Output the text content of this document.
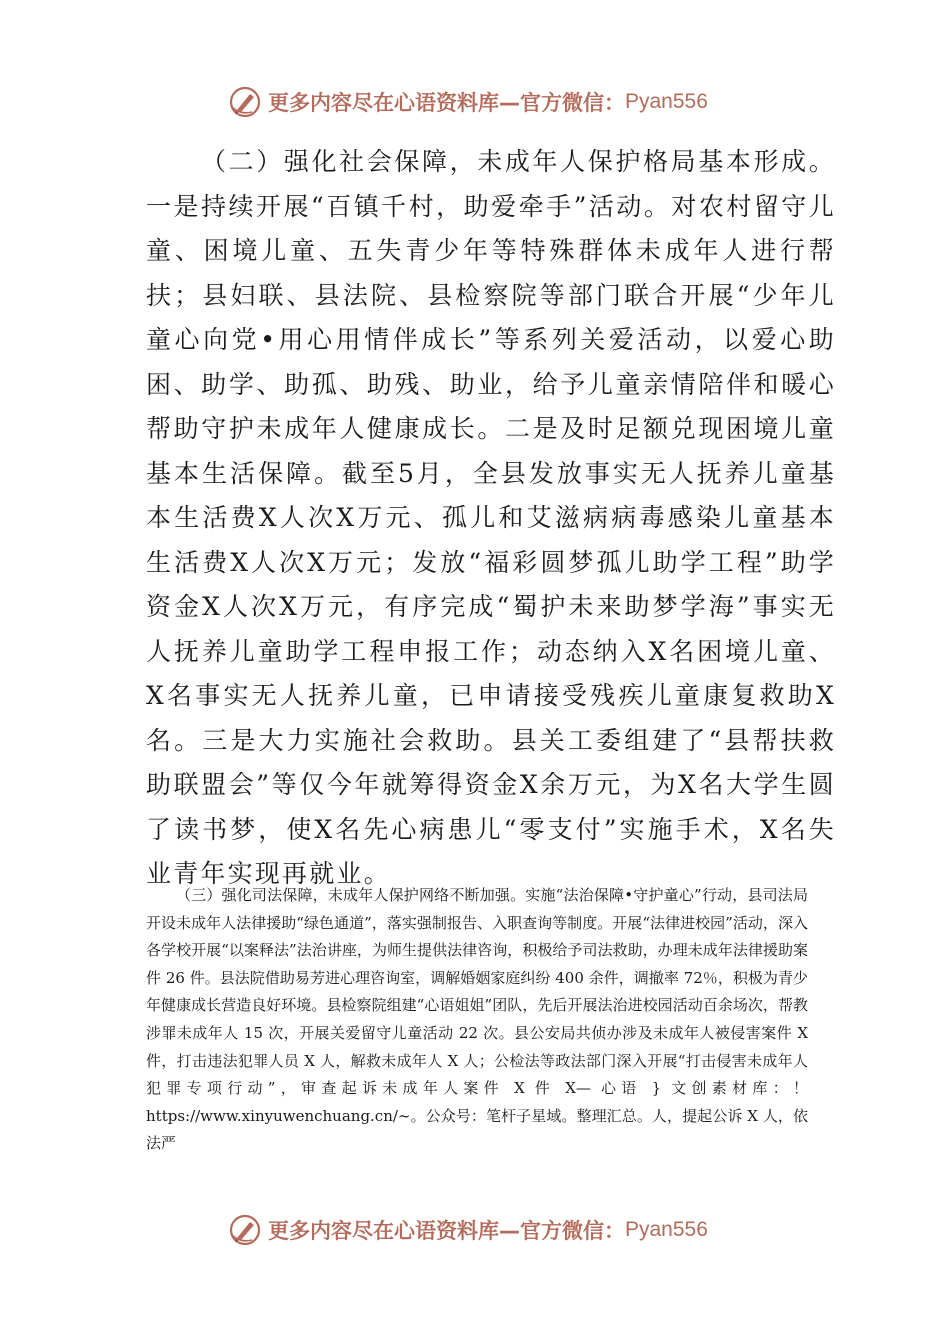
更多内容尽在心语资料库—官方微信： Pyan556

（二）强化社会保障，未成年人保护格局基本形成。一是持续开展“百镇千村，助爱牵手”活动。对农村留守儿童、困境儿童、五失青少年等特殊群体未成年人进行帮扶；县妇联、县法院、县检察院等部门联合开展“少年儿童心向党•用心用情伴成长”等系列关爱活动，以爱心助困、助学、助孤、助残、助业，给予儿童亲情陪伴和暖心帮助守护未成年人健康成长。二是及时足额兑现困境儿童基本生活保障。截至5月，全县发放事实无人抚养儿童基本生活费X人次X万元、孤儿和艾滋病病毒感染儿童基本生活费X人次X万元；发放“福彩圆梦孤儿助学工程”助学资金X人次X万元，有序完成“蜀护未来助梦学海”事实无人抚养儿童助学工程申报工作；动态纳入X名困境儿童、X名事实无人抚养儿童，已申请接受残疾儿童康复救助X名。三是大力实施社会救助。县关工委组建了“县帮扶救助联盟会”等仅今年就筹得资金X余万元，为X名大学生圆了读书梦，使X名先心病患儿“零支付”实施手术，X名失业青年实现再就业。

（三）强化司法保障，未成年人保护网络不断加强。实施“法治保障•守护童心”行动，县司法局开设未成年人法律援助“绿色通道”，落实强制报告、入职查询等制度。开展“法律进校园”活动，深入各学校开展“以案释法”法治讲座，为师生提供法律咨询，积极给予司法救助，办理未成年法律援助案件 26 件。县法院借助易芳进心理咨询室，调解婚姻家庭纠纷 400 余件，调撤率 72％，积极为青少年健康成长营造良好环境。县检察院组建“心语姐姐”团队，先后开展法治进校园活动百余场次，帮教涉罪未成年人 15 次，开展关爱留守儿童活动 22 次。县公安局共侦办涉及未成年人被侵害案件 X 件，打击违法犯罪人员 X 人，解救未成年人 X 人；公检法等政法部门深入开展“打击侵害未成年人犯罪专项行动”，审查起诉未成年人案件 X 件 X— 心语 } 文创素材库：！ https://www.xinyuwenchuang.cn/~。公众号：笔杆子星域。整理汇总。人，提起公诉 X 人，依法严

更多内容尽在心语资料库—官方微信： Pyan556
